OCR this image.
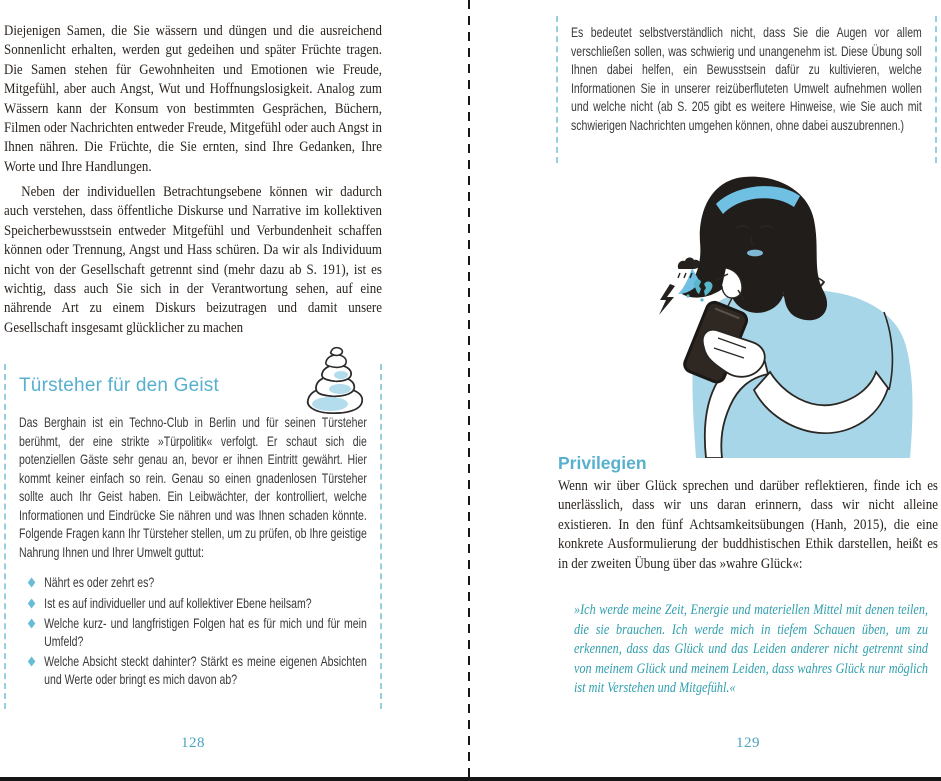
Diejenigen Samen, die Sie wässern und düngen und die ausreichend Sonnenlicht erhalten, werden gut gedeihen und später Früchte tragen. Die Samen stehen für Gewohnheiten und Emotionen wie Freude, Mitgefühl, aber auch Angst, Wut und Hoffnungslosigkeit. Analog zum Wässern kann der Konsum von bestimmten Gesprächen, Büchern, Filmen oder Nachrichten entweder Freude, Mitgefühl oder auch Angst in Ihnen nähren. Die Früchte, die Sie ernten, sind Ihre Gedanken, Ihre Worte und Ihre Handlungen.
Neben der individuellen Betrachtungsebene können wir dadurch auch verstehen, dass öffentliche Diskurse und Narrative im kollektiven Speicherbewusstsein entweder Mitgefühl und Verbundenheit schaffen können oder Trennung, Angst und Hass schüren. Da wir als Individuum nicht von der Gesellschaft getrennt sind (mehr dazu ab S. 191), ist es wichtig, dass auch Sie sich in der Verantwortung sehen, auf eine nährende Art zu einem Diskurs beizutragen und damit unsere Gesellschaft insgesamt glücklicher zu machen
Türsteher für den Geist
Das Berghain ist ein Techno-Club in Berlin und für seinen Türsteher berühmt, der eine strikte »Türpolitik« verfolgt. Er schaut sich die potenziellen Gäste sehr genau an, bevor er ihnen Eintritt gewährt. Hier kommt keiner einfach so rein. Genau so einen gnadenlosen Türsteher sollte auch Ihr Geist haben. Ein Leibwächter, der kontrolliert, welche Informationen und Eindrücke Sie nähren und was Ihnen schaden könnte. Folgende Fragen kann Ihr Türsteher stellen, um zu prüfen, ob Ihre geistige Nahrung Ihnen und Ihrer Umwelt guttut:
Nährt es oder zehrt es?
Ist es auf individueller und auf kollektiver Ebene heilsam?
Welche kurz- und langfristigen Folgen hat es für mich und für mein Umfeld?
Welche Absicht steckt dahinter? Stärkt es meine eigenen Absichten und Werte oder bringt es mich davon ab?
128
Es bedeutet selbstverständlich nicht, dass Sie die Augen vor allem verschließen sollen, was schwierig und unangenehm ist. Diese Übung soll Ihnen dabei helfen, ein Bewusstsein dafür zu kultivieren, welche Informationen Sie in unserer reizüberfluteten Umwelt aufnehmen wollen und welche nicht (ab S. 205 gibt es weitere Hinweise, wie Sie auch mit schwierigen Nachrichten umgehen können, ohne dabei auszubrennen.)
Privilegien
Wenn wir über Glück sprechen und darüber reflektieren, finde ich es unerlässlich, dass wir uns daran erinnern, dass wir nicht alleine existieren. In den fünf Achtsamkeitsübungen (Hanh, 2015), die eine konkrete Ausformulierung der buddhistischen Ethik darstellen, heißt es in der zweiten Übung über das »wahre Glück«:
»Ich werde meine Zeit, Energie und materiellen Mittel mit denen teilen, die sie brauchen. Ich werde mich in tiefem Schauen üben, um zu erkennen, dass das Glück und das Leiden anderer nicht getrennt sind von meinem Glück und meinem Leiden, dass wahres Glück nur möglich ist mit Verstehen und Mitgefühl.«
129
